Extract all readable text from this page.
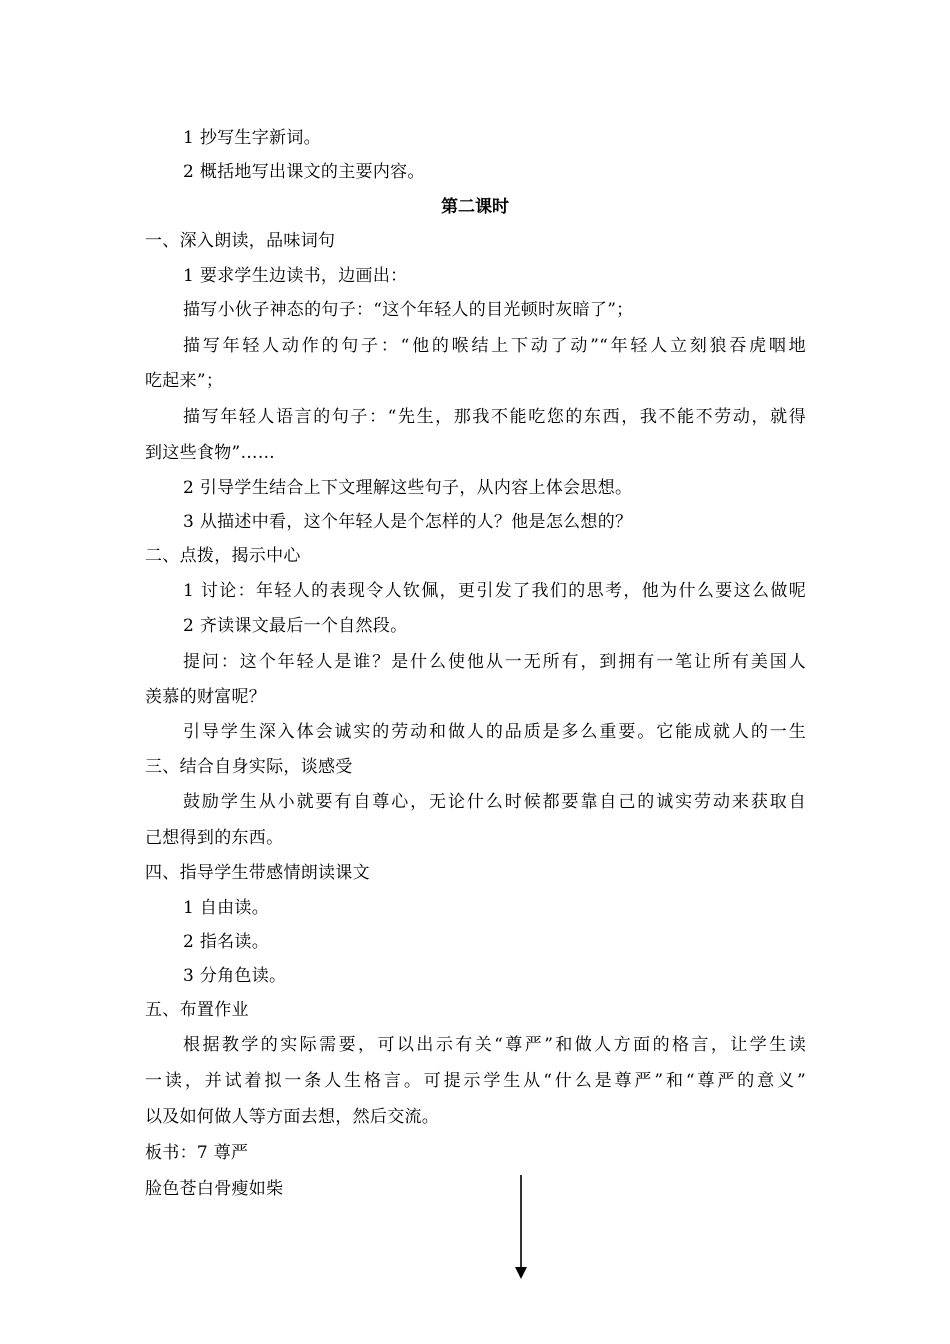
1 抄写生字新词。
2 概括地写出课文的主要内容。
第二课时
一、深入朗读，品味词句
1 要求学生边读书，边画出：
描写小伙子神态的句子：“这个年轻人的目光顿时灰暗了”；
描写年轻人动作的句子：“他的喉结上下动了动”“年轻人立刻狼吞虎咽地
吃起来”；
描写年轻人语言的句子：“先生，那我不能吃您的东西，我不能不劳动，就得
到这些食物”……
2 引导学生结合上下文理解这些句子，从内容上体会思想。
3 从描述中看，这个年轻人是个怎样的人？他是怎么想的？
二、点拨，揭示中心
1 讨论：年轻人的表现令人钦佩，更引发了我们的思考，他为什么要这么做呢
2 齐读课文最后一个自然段。
提问：这个年轻人是谁？是什么使他从一无所有，到拥有一笔让所有美国人
羡慕的财富呢？
引导学生深入体会诚实的劳动和做人的品质是多么重要。它能成就人的一生
三、结合自身实际，谈感受
鼓励学生从小就要有自尊心，无论什么时候都要靠自己的诚实劳动来获取自
己想得到的东西。
四、指导学生带感情朗读课文
1 自由读。
2 指名读。
3 分角色读。
五、布置作业
根据教学的实际需要，可以出示有关“尊严”和做人方面的格言，让学生读
一读，并试着拟一条人生格言。可提示学生从“什么是尊严”和“尊严的意义”
以及如何做人等方面去想，然后交流。
板书：7 尊严
脸色苍白骨瘦如柴
